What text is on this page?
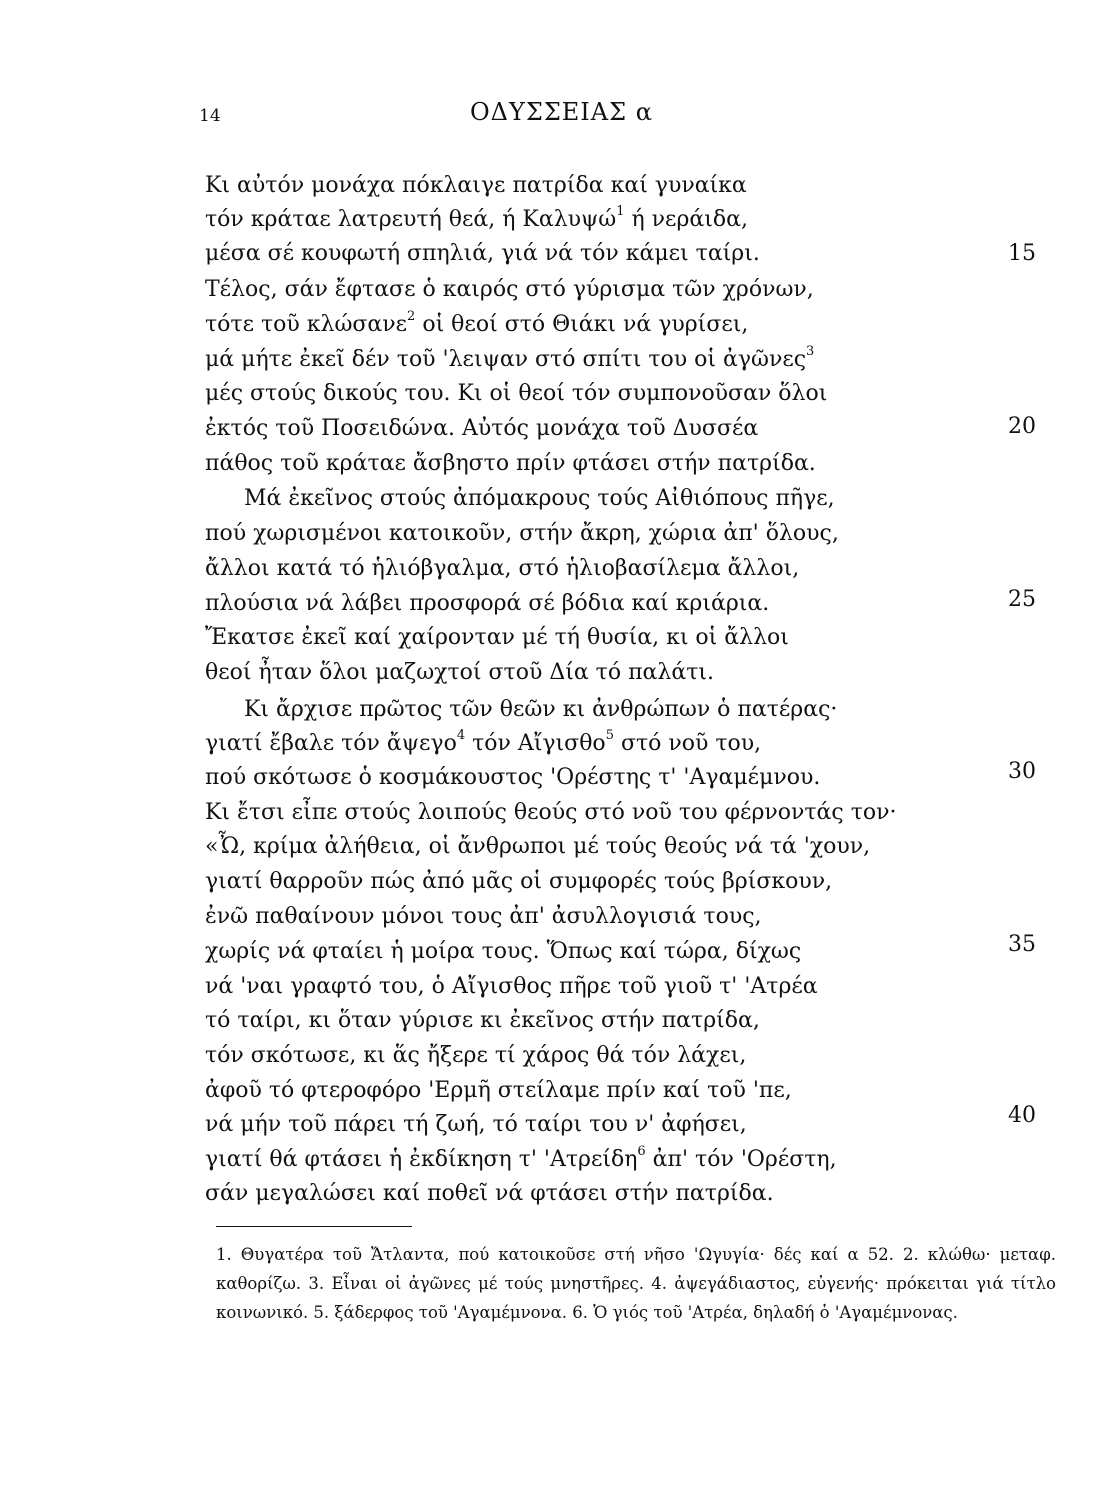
14	ΟΔΥΣΣΕΙΑΣ α
Κι αὐτόν μονάχα πόκλαιγε πατρίδα καί γυναίκα
τόν κράταε λατρευτή θεά, ή Καλυψώ$^1$ ή νεράιδα,
μέσα σέ κουφωτή σπηλιά, γιά νά τόν κάμει ταίρι.
Τέλος, σάν ἔφτασε ὁ καιρός στό γύρισμα τῶν χρόνων,
τότε τοῦ κλώσανε$^2$ οἱ θεοί στό Θιάκι νά γυρίσει,
μά μήτε ἐκεῖ δέν τοῦ 'λειψαν στό σπίτι του οἱ ἀγῶνες$^3$
μές στούς δικούς του. Κι οἱ θεοί τόν συμπονοῦσαν ὅλοι
ἐκτός τοῦ Ποσειδώνα. Αὐτός μονάχα τοῦ Δυσσέα
πάθος τοῦ κράταε ἄσβηστο πρίν φτάσει στήν πατρίδα.
Μά ἐκεῖνος στούς ἀπόμακρους τούς Αἰθιόπους πῆγε,
πού χωρισμένοι κατοικοῦν, στήν ἄκρη, χώρια ἀπ' ὅλους,
ἄλλοι κατά τό ἡλιόβγαλμα, στό ἡλιοβασίλεμα ἄλλοι,
πλούσια νά λάβει προσφορά σέ βόδια καί κριάρια.
Ἔκατσε ἐκεῖ καί χαίρονταν μέ τή θυσία, κι οἱ ἄλλοι
θεοί ἦταν ὅλοι μαζωχτοί στοῦ Δία τό παλάτι.
Κι ἄρχισε πρῶτος τῶν θεῶν κι ἀνθρώπων ὁ πατέρας·
γιατί ἔβαλε τόν ἄψεγο$^4$ τόν Αἴγισθο$^5$ στό νοῦ του,
πού σκότωσε ὁ κοσμάκουστος 'Ορέστης τ' 'Αγαμέμνου.
Κι ἔτσι εἶπε στούς λοιπούς θεούς στό νοῦ του φέρνοντάς τον·
«Ὦ, κρίμα ἀλήθεια, οἱ ἄνθρωποι μέ τούς θεούς νά τά 'χουν,
γιατί θαρροῦν πώς ἀπό μᾶς οἱ συμφορές τούς βρίσκουν,
ἐνῶ παθαίνουν μόνοι τους ἀπ' ἀσυλλογισιά τους,
χωρίς νά φταίει ἡ μοίρα τους. Ὅπως καί τώρα, δίχως
νά 'ναι γραφτό του, ὁ Αἴγισθος πῆρε τοῦ γιοῦ τ' 'Ατρέα
τό ταίρι, κι ὅταν γύρισε κι ἐκεῖνος στήν πατρίδα,
τόν σκότωσε, κι ἅς ἤξερε τί χάρος θά τόν λάχει,
ἀφοῦ τό φτεροφόρο 'Ερμῆ στείλαμε πρίν καί τοῦ 'πε,
νά μήν τοῦ πάρει τή ζωή, τό ταίρι του ν' ἀφήσει,
γιατί θά φτάσει ἡ ἐκδίκηση τ' 'Ατρείδη$^6$ ἀπ' τόν 'Ορέστη,
σάν μεγαλώσει καί ποθεῖ νά φτάσει στήν πατρίδα.
15
20
25
30
35
40
1. Θυγατέρα τοῦ Ἄτλαντα, πού κατοικοῦσε στή νῆσο 'Ωγυγία· δές καί α 52. 2. κλώθω· μεταφ. καθορίζω. 3. Εἶναι οἱ ἀγῶνες μέ τούς μνηστῆρες. 4. ἀψεγάδιαστος, εὐγενής· πρόκειται γιά τίτλο κοινωνικό. 5. ξάδερφος τοῦ 'Αγαμέμνονα. 6. Ὁ γιός τοῦ 'Ατρέα, δηλαδή ὁ 'Αγαμέμνονας.
